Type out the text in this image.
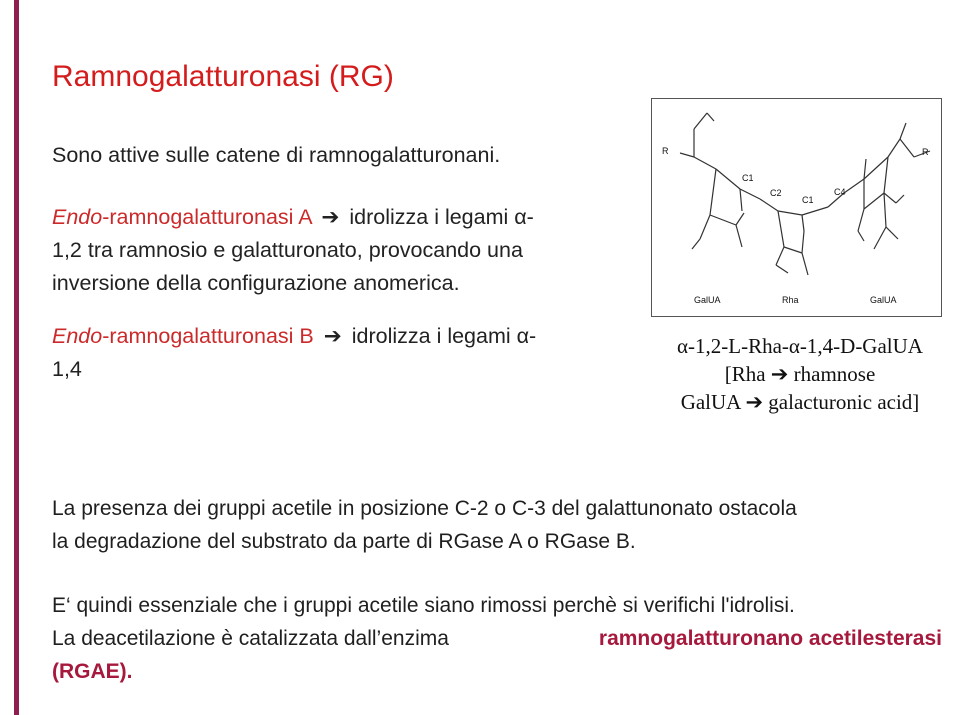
Ramnogalatturonasi (RG)
Sono attive sulle catene di ramnogalatturonani.
Endo-ramnogalatturonasi A ➔ idrolizza i legami α-
1,2 tra ramnosio e galatturonato, provocando una
inversione della configurazione anomerica.
Endo-ramnogalatturonasi B ➔ idrolizza i legami α-
1,4
R	R
C1
C2
C1
C4
GalUA	Rha	GalUA
α-1,2-L-Rha-α-1,4-D-GalUA
[Rha ➔ rhamnose
GalUA ➔ galacturonic acid]
La presenza dei gruppi acetile in posizione C-2 o C-3 del galattunonato ostacola
la degradazione del substrato da parte di RGase A o RGase B.
E‘ quindi essenziale che i gruppi acetile siano rimossi perchè si verifichi l'idrolisi.
La deacetilazione è catalizzata dall’enzima	ramnogalatturonano acetilesterasi
(RGAE).
